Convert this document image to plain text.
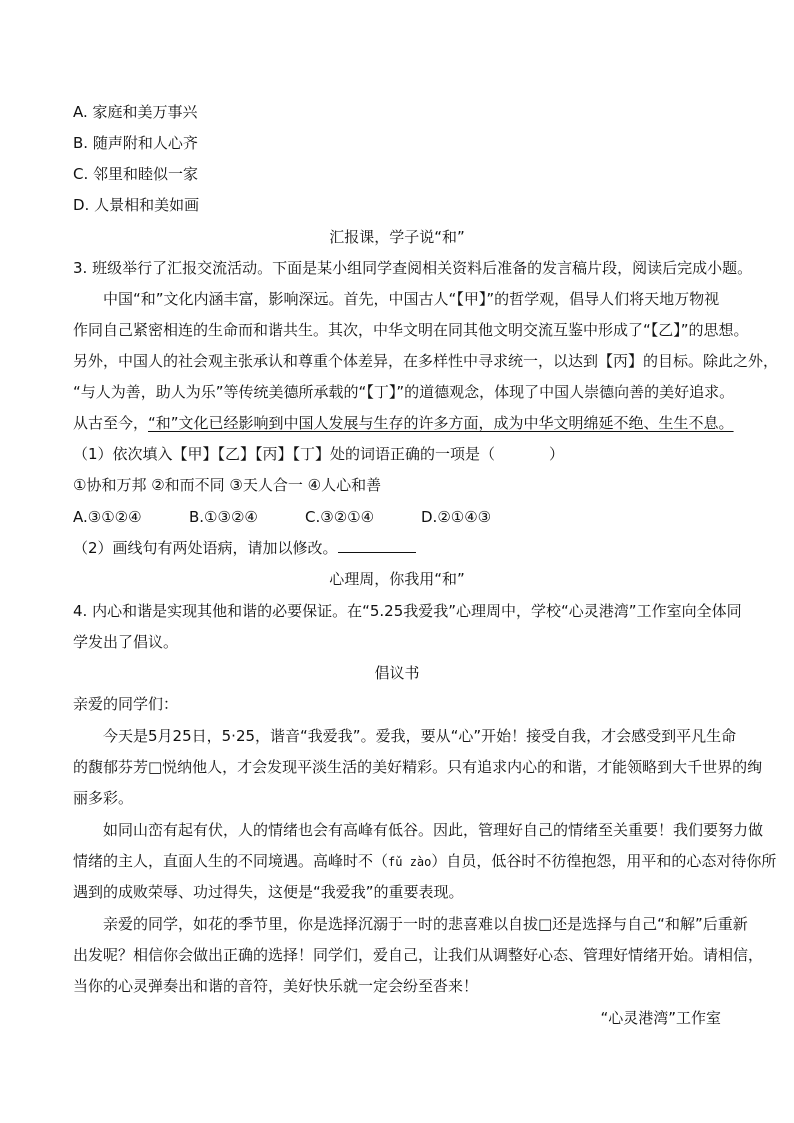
A. 家庭和美万事兴
B. 随声附和人心齐
C. 邻里和睦似一家
D. 人景相和美如画
汇报课，学子说“和”
3. 班级举行了汇报交流活动。下面是某小组同学查阅相关资料后准备的发言稿片段，阅读后完成小题。
中国“和”文化内涵丰富，影响深远。首先，中国古人“【甲】”的哲学观，倡导人们将天地万物视
作同自己紧密相连的生命而和谐共生。其次，中华文明在同其他文明交流互鉴中形成了“【乙】”的思想。
另外，中国人的社会观主张承认和尊重个体差异，在多样性中寻求统一，以达到【丙】的目标。除此之外，
“与人为善，助人为乐”等传统美德所承载的“【丁】”的道德观念，体现了中国人崇德向善的美好追求。
从古至今，“和”文化已经影响到中国人发展与生存的许多方面，成为中华文明绵延不绝、生生不息。
（1）依次填入【甲】【乙】【丙】【丁】处的词语正确的一项是（	）
①协和万邦 ②和而不同 ③天人合一 ④人心和善
A.③①②④	B.①③②④	C.③②①④	D.②①④③
（2）画线句有两处语病，请加以修改。
心理周，你我用“和”
4. 内心和谐是实现其他和谐的必要保证。在“5.25我爱我”心理周中，学校“心灵港湾”工作室向全体同
学发出了倡议。
倡议书
亲爱的同学们：
今天是5月25日，5·25，谐音“我爱我”。爱我，要从“心”开始！接受自我，才会感受到平凡生命
的馥郁芬芳□悦纳他人，才会发现平淡生活的美好精彩。只有追求内心的和谐，才能领略到大千世界的绚
丽多彩。
如同山峦有起有伏，人的情绪也会有高峰有低谷。因此，管理好自己的情绪至关重要！我们要努力做
情绪的主人，直面人生的不同境遇。高峰时不（fǔ zào）自员，低谷时不彷徨抱怨，用平和的心态对待你所
遇到的成败荣辱、功过得失，这便是“我爱我”的重要表现。
亲爱的同学，如花的季节里，你是选择沉溺于一时的悲喜难以自拔□还是选择与自己“和解”后重新
出发呢？相信你会做出正确的选择！同学们，爱自己，让我们从调整好心态、管理好情绪开始。请相信，
当你的心灵弹奏出和谐的音符，美好快乐就一定会纷至沓来！
“心灵港湾”工作室
